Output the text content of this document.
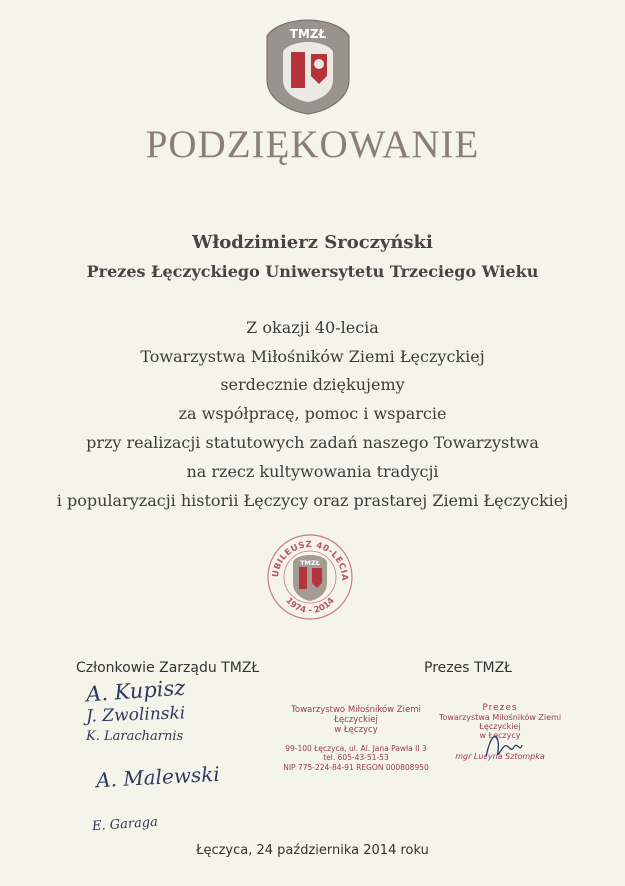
TMZŁ
PODZIĘKOWANIE
Włodzimierz Sroczyński
Prezes Łęczyckiego Uniwersytetu Trzeciego Wieku
Z okazji 40-lecia
Towarzystwa Miłośników Ziemi Łęczyckiej
serdecznie dziękujemy
za współpracę, pomoc i wsparcie
przy realizacji statutowych zadań naszego Towarzystwa
na rzecz kultywowania tradycji
i popularyzacji historii Łęczycy oraz prastarej Ziemi Łęczyckiej
UBILEUSZ 40-LECIA
1974 - 2014
TMZŁ
Członkowie Zarządu TMZŁ	Prezes TMZŁ
A. Kupisz
J. Zwolinski
K. Laracharnis
A. Malewski
E. Garaga
Towarzystwo Miłośników Ziemi Łęczyckiej
w Łęczycy
99-100 Łęczyca, ul. Al. Jana Pawła II 3
tel. 605-43-51-53
NIP 775-224-84-91 REGON 000808950
Prezes
Towarzystwa Miłośników Ziemi Łęczyckiej
w Łęczycy
mgr Lucyna Sztompka
Łęczyca, 24 października 2014 roku
